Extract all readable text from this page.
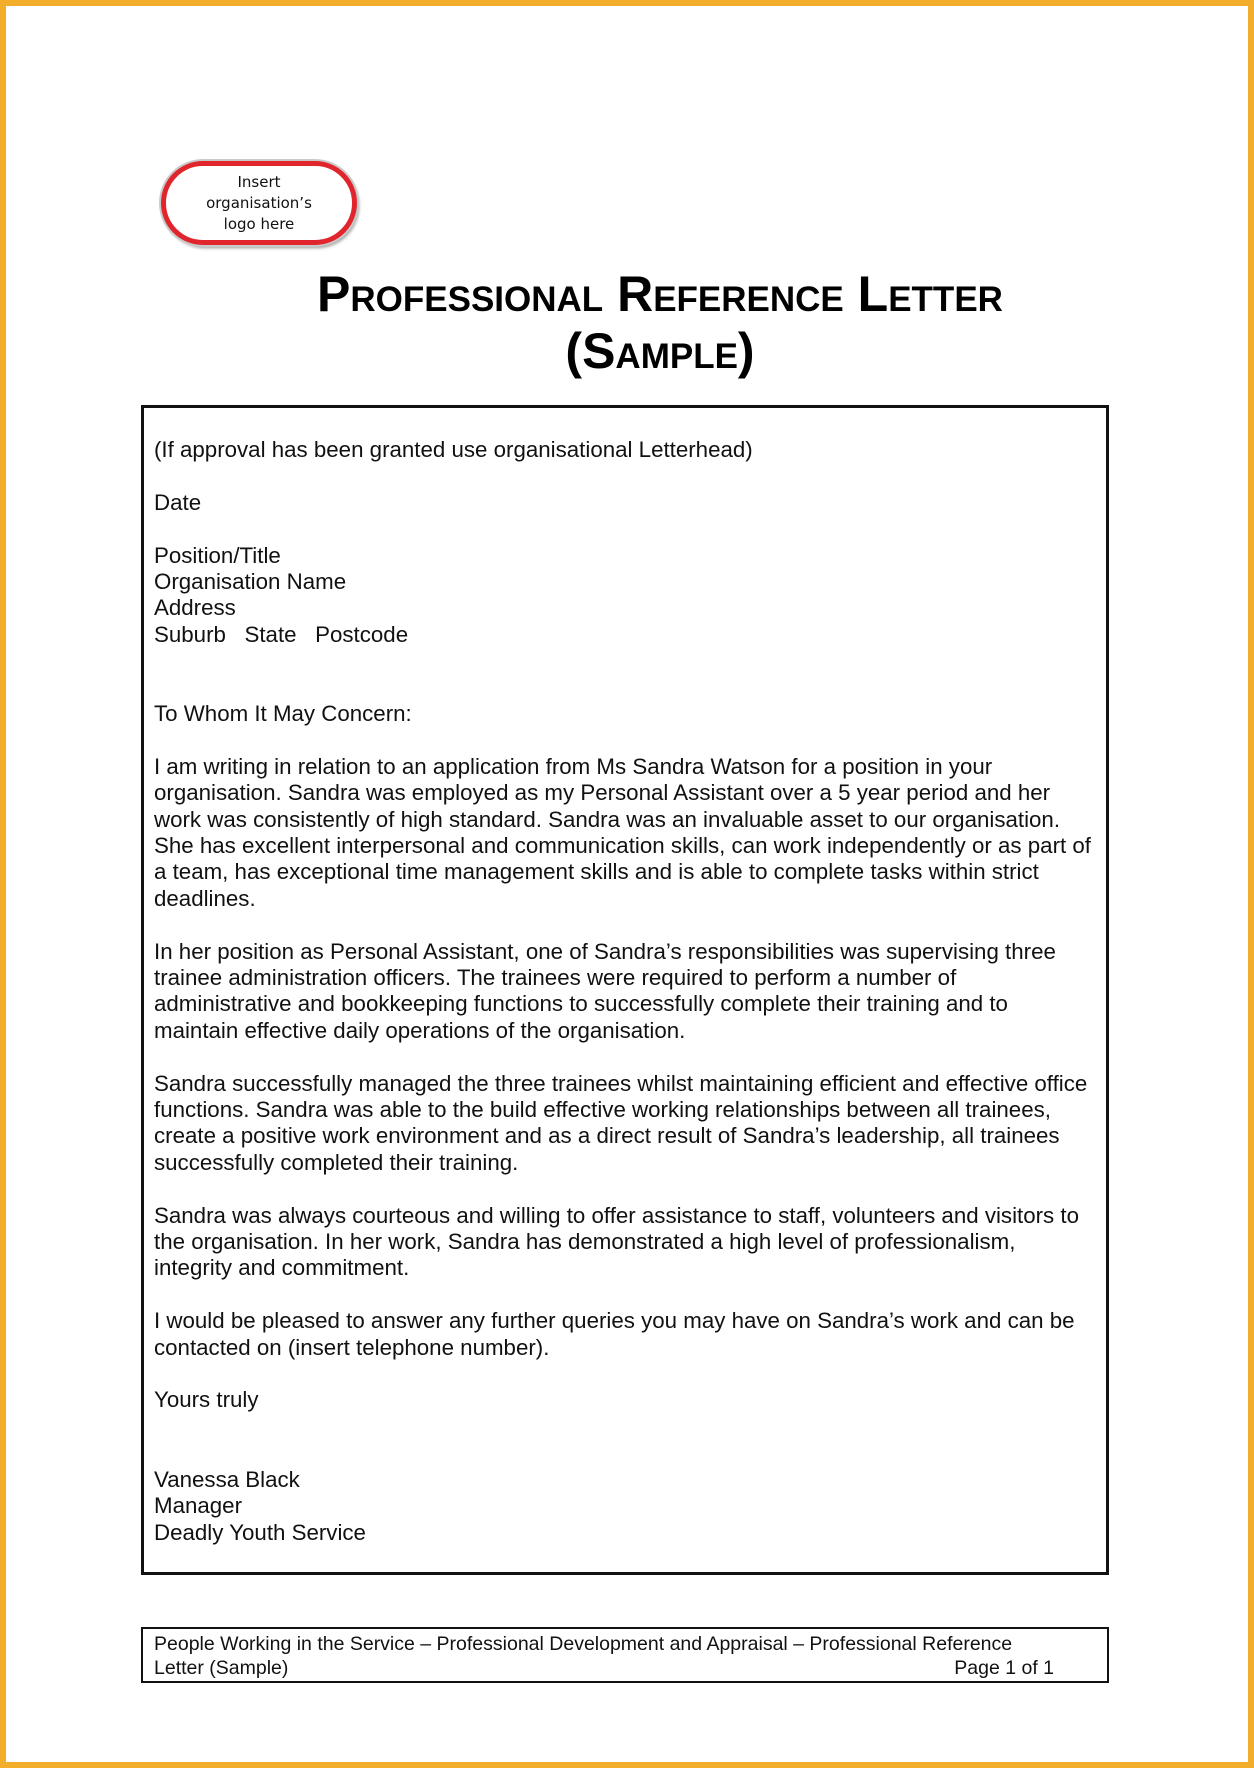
Insert
organisation’s
logo here
Professional Reference Letter
(Sample)

(If approval has been granted use organisational Letterhead)

Date

Position/Title

Organisation Name

Address

Suburb   State   Postcode

To Whom It May Concern:

I am writing in relation to an application from Ms Sandra Watson for a position in your organisation. Sandra was employed as my Personal Assistant over a 5 year period and her work was consistently of high standard. Sandra was an invaluable asset to our organisation. She has excellent interpersonal and communication skills, can work independently or as part of a team, has exceptional time management skills and is able to complete tasks within strict deadlines.

In her position as Personal Assistant, one of Sandra’s responsibilities was supervising three trainee administration officers. The trainees were required to perform a number of administrative and bookkeeping functions to successfully complete their training and to maintain effective daily operations of the organisation.

Sandra successfully managed the three trainees whilst maintaining efficient and effective office functions. Sandra was able to the build effective working relationships between all trainees, create a positive work environment and as a direct result of Sandra’s leadership, all trainees successfully completed their training.

Sandra was always courteous and willing to offer assistance to staff, volunteers and visitors to the organisation. In her work, Sandra has demonstrated a high level of professionalism, integrity and commitment.

I would be pleased to answer any further queries you may have on Sandra’s work and can be contacted on (insert telephone number).

Yours truly

Vanessa Black

Manager

Deadly Youth Service

People Working in the Service – Professional Development and Appraisal – Professional Reference
Letter (Sample)	Page 1 of 1
